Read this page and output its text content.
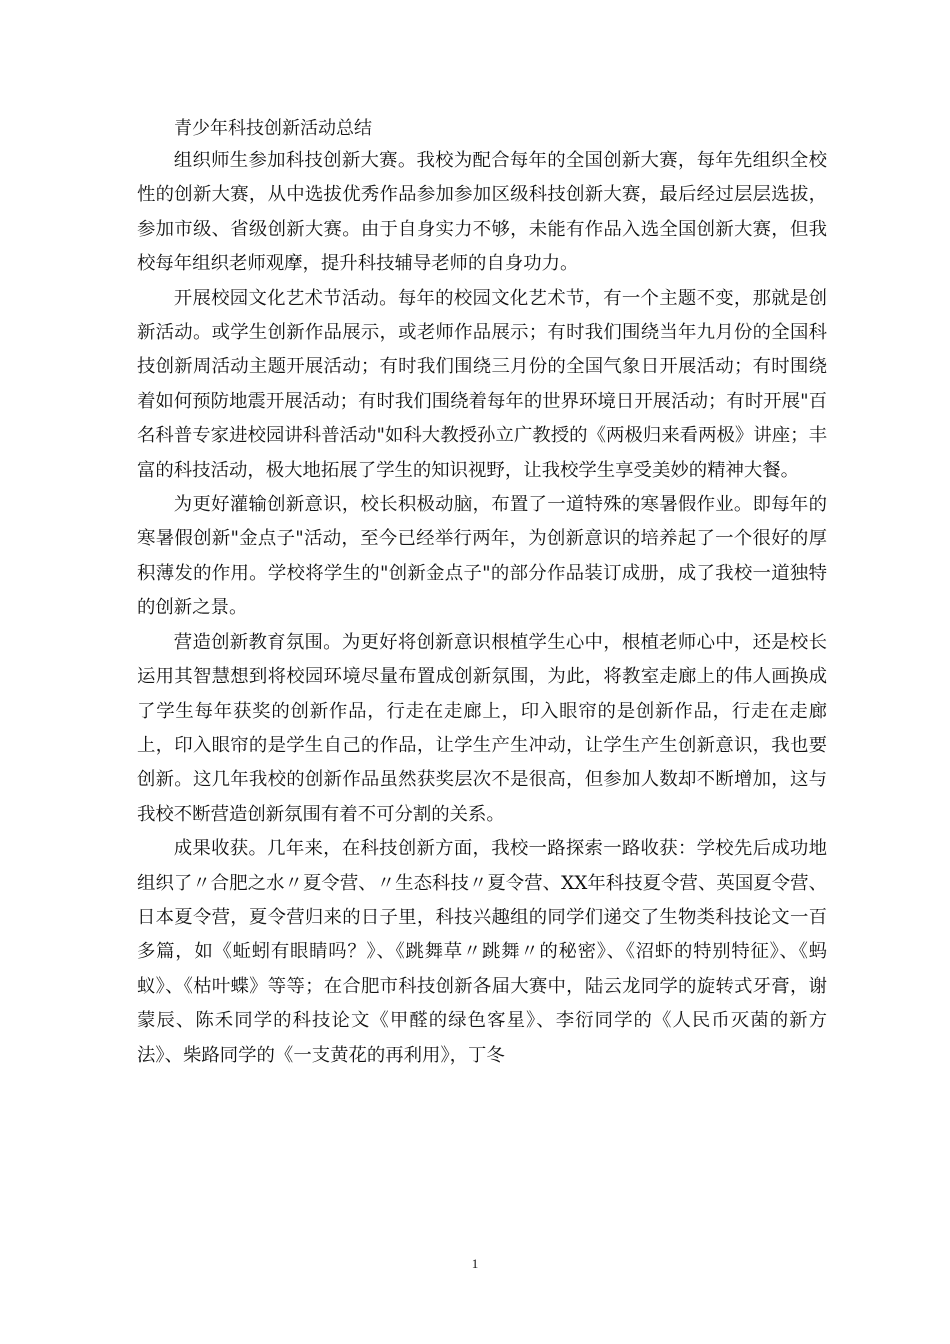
青少年科技创新活动总结

组织师生参加科技创新大赛。我校为配合每年的全国创新大赛，每年先组织全校性的创新大赛，从中选拔优秀作品参加参加区级科技创新大赛，最后经过层层选拔，参加市级、省级创新大赛。由于自身实力不够，未能有作品入选全国创新大赛，但我校每年组织老师观摩，提升科技辅导老师的自身功力。

开展校园文化艺术节活动。每年的校园文化艺术节，有一个主题不变，那就是创新活动。或学生创新作品展示，或老师作品展示；有时我们围绕当年九月份的全国科技创新周活动主题开展活动；有时我们围绕三月份的全国气象日开展活动；有时围绕着如何预防地震开展活动；有时我们围绕着每年的世界环境日开展活动；有时开展"百名科普专家进校园讲科普活动"如科大教授孙立广教授的《两极归来看两极》讲座；丰富的科技活动，极大地拓展了学生的知识视野，让我校学生享受美妙的精神大餐。

为更好灌输创新意识，校长积极动脑，布置了一道特殊的寒暑假作业。即每年的寒暑假创新"金点子"活动，至今已经举行两年，为创新意识的培养起了一个很好的厚积薄发的作用。学校将学生的"创新金点子"的部分作品装订成册，成了我校一道独特的创新之景。

营造创新教育氛围。为更好将创新意识根植学生心中，根植老师心中，还是校长运用其智慧想到将校园环境尽量布置成创新氛围，为此，将教室走廊上的伟人画换成了学生每年获奖的创新作品，行走在走廊上，印入眼帘的是创新作品，行走在走廊上，印入眼帘的是学生自己的作品，让学生产生冲动，让学生产生创新意识，我也要创新。这几年我校的创新作品虽然获奖层次不是很高，但参加人数却不断增加，这与我校不断营造创新氛围有着不可分割的关系。

成果收获。几年来，在科技创新方面，我校一路探索一路收获：学校先后成功地组织了〃合肥之水〃夏令营、〃生态科技〃夏令营、XX年科技夏令营、英国夏令营、日本夏令营，夏令营归来的日子里，科技兴趣组的同学们递交了生物类科技论文一百多篇，如《蚯蚓有眼睛吗？》、《跳舞草〃跳舞〃的秘密》、《沼虾的特别特征》、《蚂蚁》、《枯叶蝶》等等；在合肥市科技创新各届大赛中，陆云龙同学的旋转式牙膏，谢蒙辰、陈禾同学的科技论文《甲醛的绿色客星》、李衍同学的《人民币灭菌的新方法》、柴路同学的《一支黄花的再利用》，丁冬

1
